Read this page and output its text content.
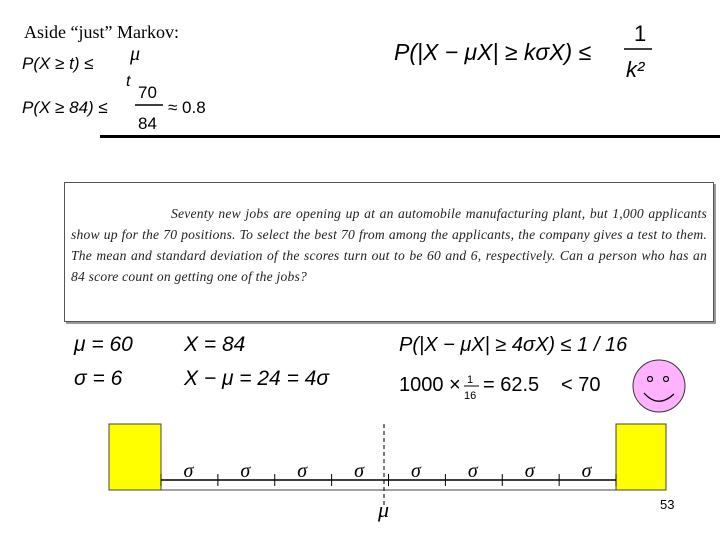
Aside “just” Markov:
P(X ≥ t) ≤ μ
t
P(X ≥ 84) ≤
70
84
≈ 0.8
P(|X − μX| ≥ kσX) ≤
1
k²
Seventy new jobs are opening up at an automobile manufacturing plant, but 1,000 applicants show up for the 70 positions. To select the best 70 from among the applicants, the company gives a test to them. The mean and standard deviation of the scores turn out to be 60 and 6, respectively. Can a person who has an 84 score count on getting one of the jobs?
μ = 60
σ = 6
X = 84
X − μ = 24 = 4σ
P(|X − μX| ≥ 4σX) ≤ 1 / 16
1000 × 1
16 = 62.5 < 70
σ σ σ σ σ σ σ σ
μ	53
